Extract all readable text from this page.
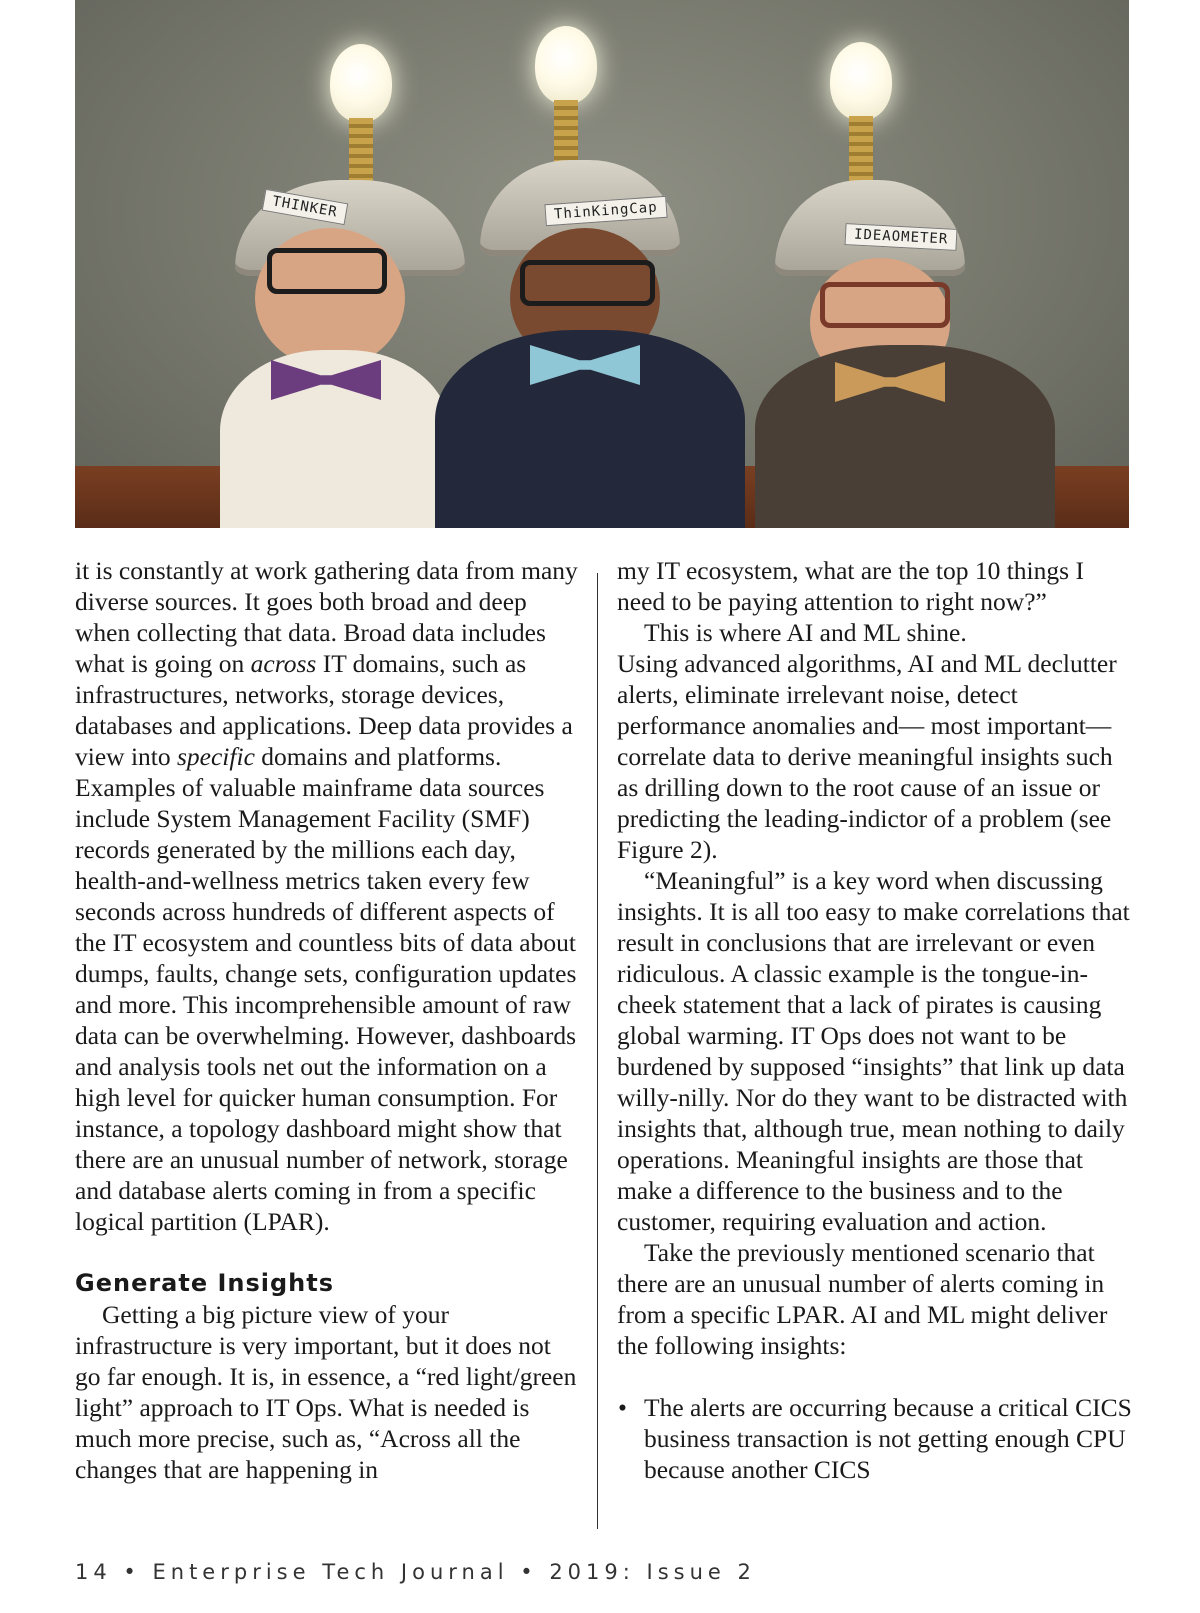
THINKER	ThinKingCap
IDEAOMETER

it is constantly at work gathering data from many diverse sources. It goes both broad and deep when collecting that data. Broad data includes what is going on across IT domains, such as infrastructures, networks, storage devices, databases and applications. Deep data provides a view into specific domains and platforms. Examples of valuable mainframe data sources include System Management Facility (SMF) records generated by the millions each day, health-and-wellness metrics taken every few seconds across hundreds of different aspects of the IT ecosystem and countless bits of data about dumps, faults, change sets, configuration updates and more. This incomprehensible amount of raw data can be overwhelming. However, dashboards and analysis tools net out the information on a high level for quicker human consumption. For instance, a topology dashboard might show that there are an unusual number of network, storage and database alerts coming in from a specific logical partition (LPAR).

Generate Insights

Getting a big picture view of your infrastructure is very important, but it does not go far enough. It is, in essence, a “red light/green light” approach to IT Ops. What is needed is much more precise, such as, “Across all the changes that are happening in

my IT ecosystem, what are the top 10 things I need to be paying attention to right now?”

This is where AI and ML shine.

Using advanced algorithms, AI and ML declutter alerts, eliminate irrelevant noise, detect performance anomalies and— most important—correlate data to derive meaningful insights such as drilling down to the root cause of an issue or predicting the leading-indictor of a problem (see Figure 2).

“Meaningful” is a key word when discussing insights. It is all too easy to make correlations that result in conclusions that are irrelevant or even ridiculous. A classic example is the tongue-in-cheek statement that a lack of pirates is causing global warming. IT Ops does not want to be burdened by supposed “insights” that link up data willy-nilly. Nor do they want to be distracted with insights that, although true, mean nothing to daily operations. Meaningful insights are those that make a difference to the business and to the customer, requiring evaluation and action.

Take the previously mentioned scenario that there are an unusual number of alerts coming in from a specific LPAR. AI and ML might deliver the following insights:

• The alerts are occurring because a critical CICS business transaction is not getting enough CPU because another CICS
14 • Enterprise Tech Journal • 2019: Issue 2
